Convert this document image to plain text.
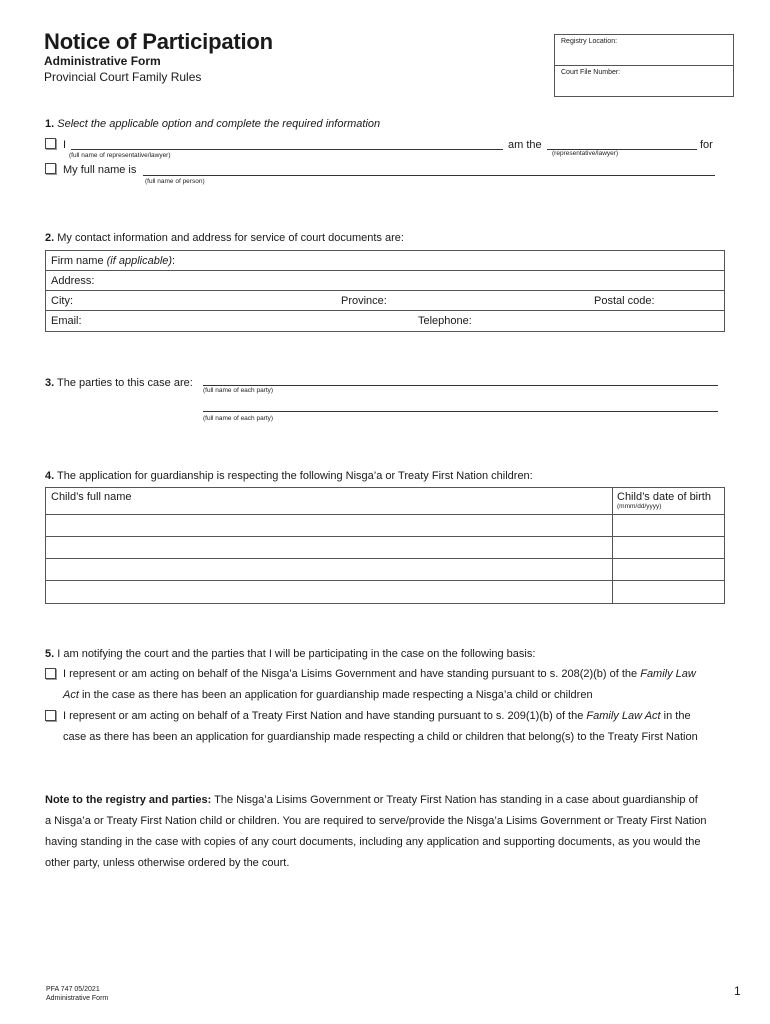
Notice of Participation
Administrative Form
Provincial Court Family Rules
Registry Location:
Court File Number:
1. Select the applicable option and complete the required information
I
(full name of representative/lawyer)
am the
(representative/lawyer)
for
My full name is
(full name of person)
2. My contact information and address for service of court documents are:
Firm name (if applicable):
Address:
City:	Province:	Postal code:
Email:	Telephone:
3. The parties to this case are:
(full name of each party)
(full name of each party)
4. The application for guardianship is respecting the following Nisga’a or Treaty First Nation children:
Child’s full name	Child’s date of birth
(mmm/dd/yyyy)
5. I am notifying the court and the parties that I will be participating in the case on the following basis:
I represent or am acting on behalf of the Nisga’a Lisims Government and have standing pursuant to s. 208(2)(b) of the Family Law
Act in the case as there has been an application for guardianship made respecting a Nisga’a child or children
I represent or am acting on behalf of a Treaty First Nation and have standing pursuant to s. 209(1)(b) of the Family Law Act in the
case as there has been an application for guardianship made respecting a child or children that belong(s) to the Treaty First Nation
Note to the registry and parties: The Nisga’a Lisims Government or Treaty First Nation has standing in a case about guardianship of
a Nisga’a or Treaty First Nation child or children. You are required to serve/provide the Nisga’a Lisims Government or Treaty First Nation
having standing in the case with copies of any court documents, including any application and supporting documents, as you would the
other party, unless otherwise ordered by the court.
PFA 747 05/2021
Administrative Form
1
